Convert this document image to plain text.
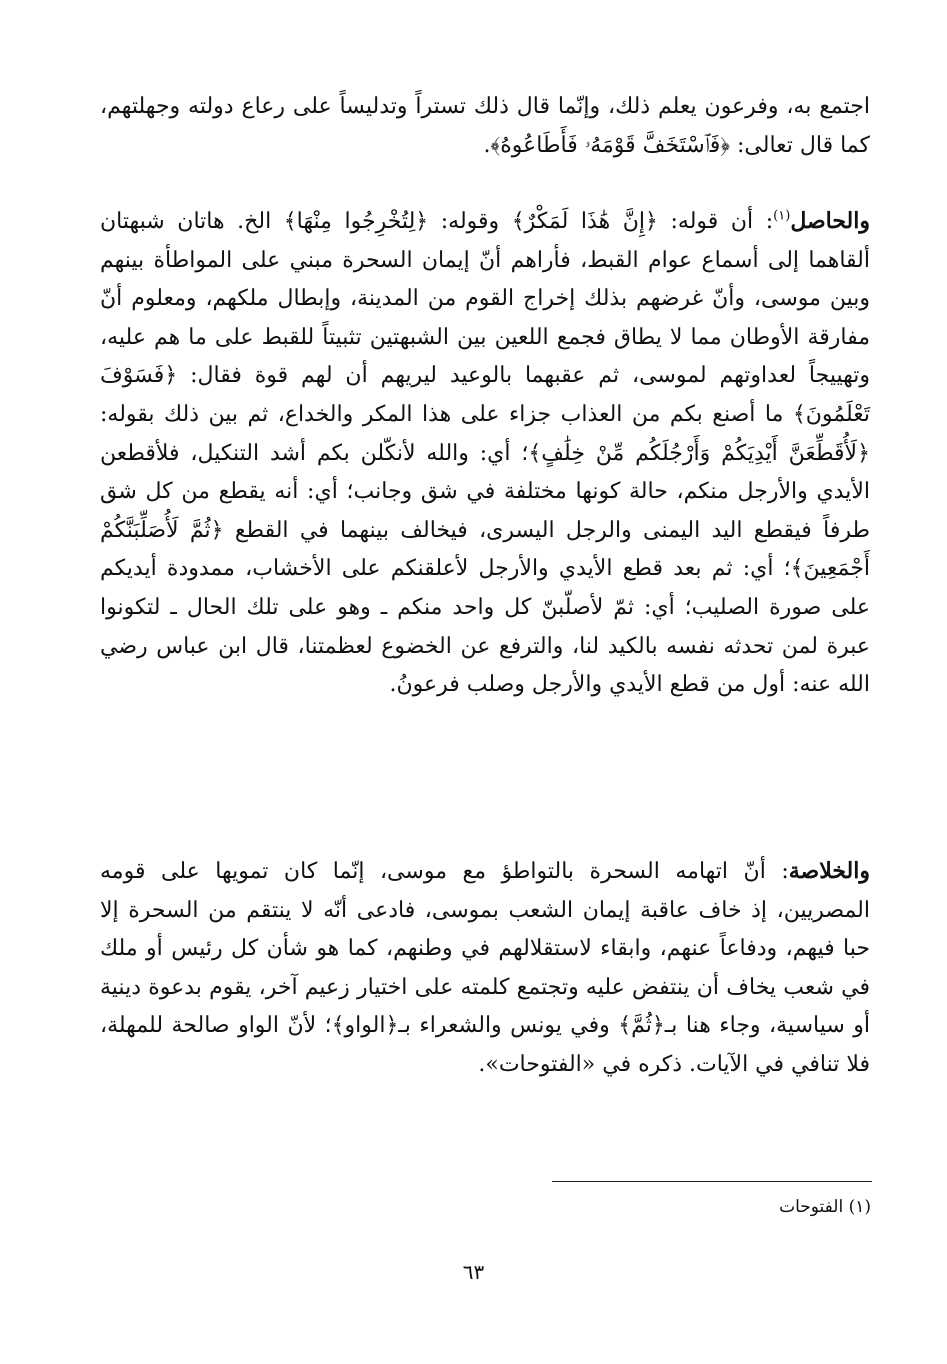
اجتمع به، وفرعون يعلم ذلك، وإنّما قال ذلك تستراً وتدليساً على رعاع دولته وجهلتهم، كما قال تعالى: ﴿فَٱسْتَخَفَّ قَوْمَهُۥ فَأَطَاعُوهُ﴾.

والحاصل$^{(١)}$: أن قوله: ﴿إِنَّ هَٰذَا لَمَكْرٌ﴾ وقوله: ﴿لِتُخْرِجُوا مِنْهَا﴾ الخ. هاتان شبهتان ألقاهما إلى أسماع عوام القبط، فأراهم أنّ إيمان السحرة مبني على المواطأة بينهم وبين موسى، وأنّ غرضهم بذلك إخراج القوم من المدينة، وإبطال ملكهم، ومعلوم أنّ مفارقة الأوطان مما لا يطاق فجمع اللعين بين الشبهتين تثبيتاً للقبط على ما هم عليه، وتهييجاً لعداوتهم لموسى، ثم عقبهما بالوعيد ليريهم أن لهم قوة فقال: ﴿فَسَوْفَ تَعْلَمُونَ﴾ ما أصنع بكم من العذاب جزاء على هذا المكر والخداع، ثم بين ذلك بقوله: ﴿لَأُقَطِّعَنَّ أَيْدِيَكُمْ وَأَرْجُلَكُم مِّنْ خِلَٰفٍ﴾؛ أي: والله لأنكّلن بكم أشد التنكيل، فلأقطعن الأيدي والأرجل منكم، حالة كونها مختلفة في شق وجانب؛ أي: أنه يقطع من كل شق طرفاً فيقطع اليد اليمنى والرجل اليسرى، فيخالف بينهما في القطع ﴿ثُمَّ لَأُصَلِّبَنَّكُمْ أَجْمَعِينَ﴾؛ أي: ثم بعد قطع الأيدي والأرجل لأعلقنكم على الأخشاب، ممدودة أيديكم على صورة الصليب؛ أي: ثمّ لأصلّبنّ كل واحد منكم ـ وهو على تلك الحال ـ لتكونوا عبرة لمن تحدثه نفسه بالكيد لنا، والترفع عن الخضوع لعظمتنا، قال ابن عباس رضي الله عنه: أول من قطع الأيدي والأرجل وصلب فرعونُ.

والخلاصة: أنّ اتهامه السحرة بالتواطؤ مع موسى، إنّما كان تمويها على قومه المصريين، إذ خاف عاقبة إيمان الشعب بموسى، فادعى أنّه لا ينتقم من السحرة إلا حبا فيهم، ودفاعاً عنهم، وابقاء لاستقلالهم في وطنهم، كما هو شأن كل رئيس أو ملك في شعب يخاف أن ينتفض عليه وتجتمع كلمته على اختيار زعيم آخر، يقوم بدعوة دينية أو سياسية، وجاء هنا بـ﴿ثُمَّ﴾ وفي يونس والشعراء بـ﴿الواو﴾؛ لأنّ الواو صالحة للمهلة، فلا تنافي في الآيات. ذكره في «الفتوحات».

(١) الفتوحات
٦٣
